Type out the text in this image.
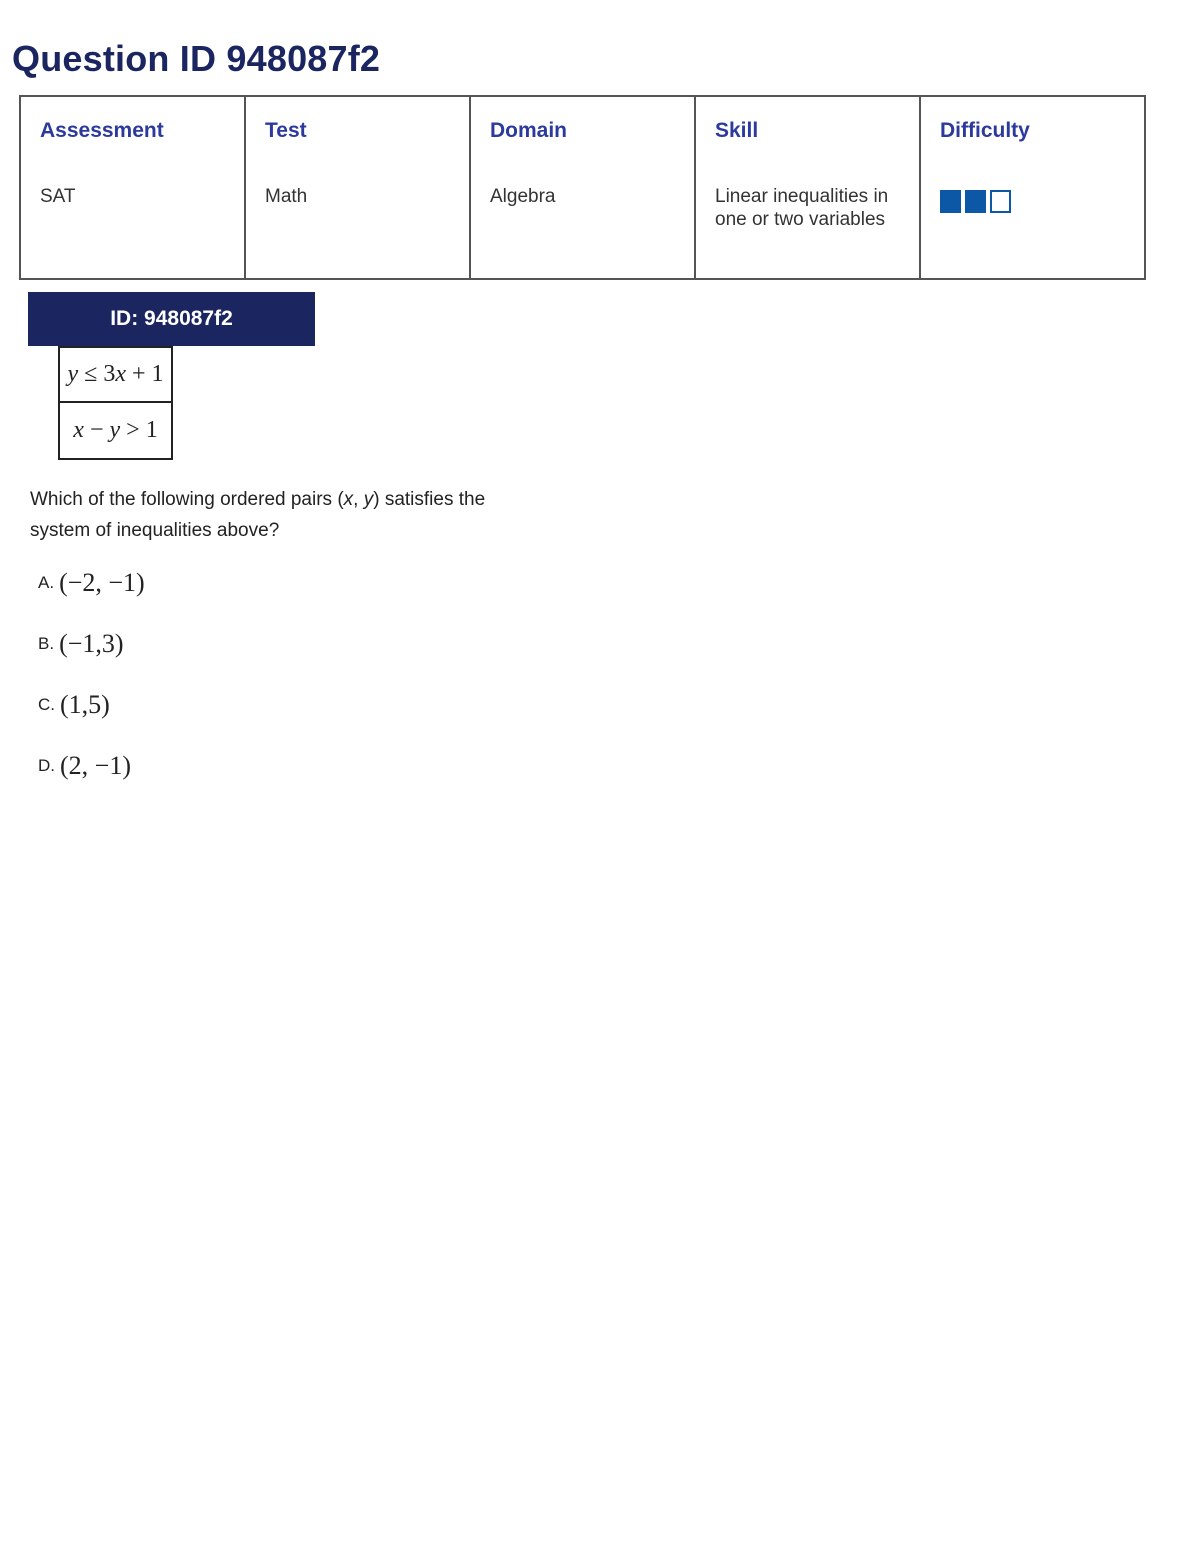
Question ID 948087f2
Assessment
SAT
Test
Math
Domain
Algebra
Skill
Linear inequalities in one or two variables
Difficulty
ID: 948087f2
y ≤ 3 x + 1
x − y > 1
Which of the following ordered pairs (x, y) satisfies the system of inequalities above?
A. (−2, −1)
B. (−1,3)
C. (1,5)
D. (2, −1)
